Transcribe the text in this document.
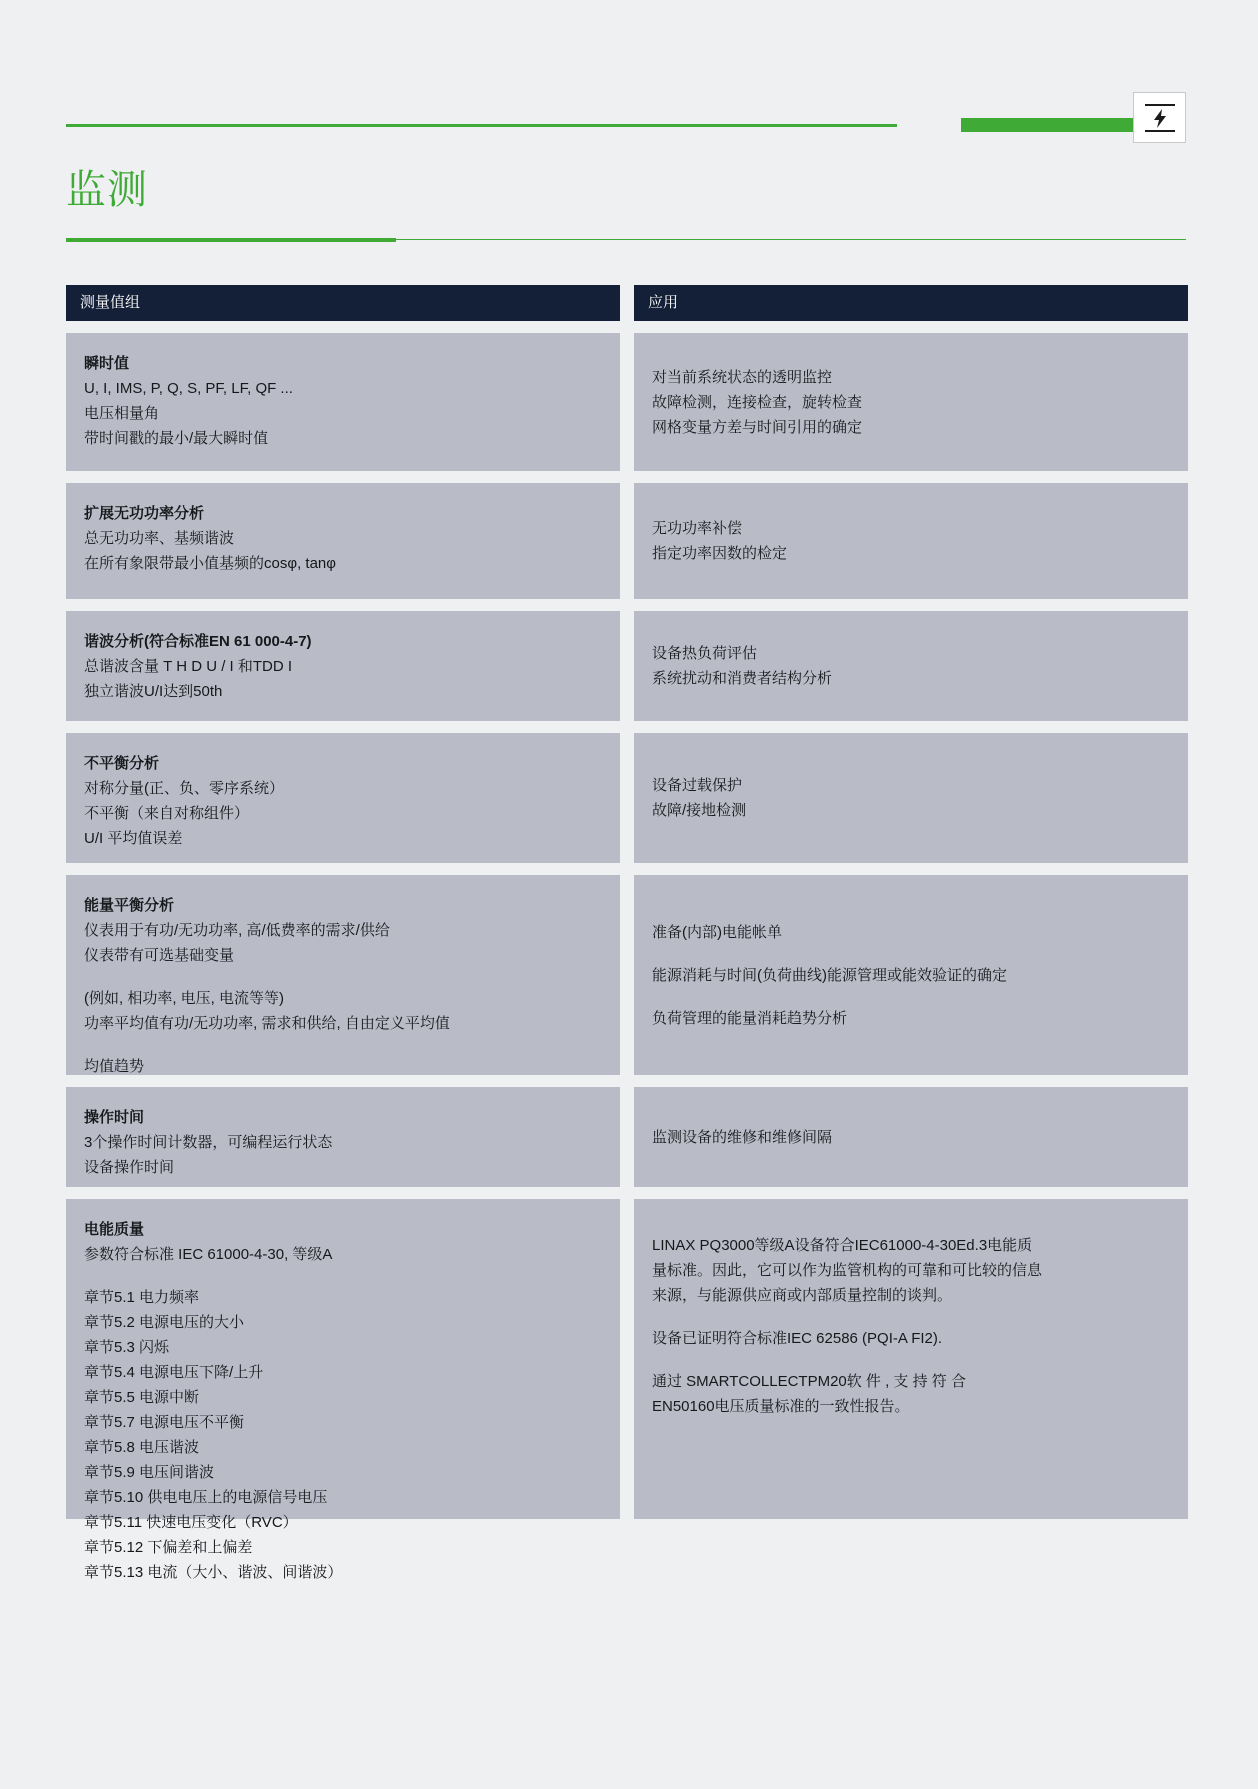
监测
测量值组
瞬时值
U, I, IMS, P, Q, S, PF, LF, QF ...
电压相量角
带时间戳的最小/最大瞬时值
扩展无功功率分析
总无功功率、基频谐波
在所有象限带最小值基频的cosφ, tanφ
谐波分析(符合标准EN 61 000-4-7)
总谐波含量 T H D U / I 和TDD I
独立谐波U/I达到50th
不平衡分析
对称分量(正、负、零序系统）
不平衡（来自对称组件）
U/I 平均值误差
能量平衡分析
仪表用于有功/无功功率, 高/低费率的需求/供给
仪表带有可选基础变量
(例如, 相功率, 电压, 电流等等)
功率平均值有功/无功功率, 需求和供给, 自由定义平均值
均值趋势
操作时间
3个操作时间计数器，可编程运行状态
设备操作时间
电能质量
参数符合标准 IEC 61000-4-30, 等级A
章节5.1 电力频率
章节5.2 电源电压的大小
章节5.3 闪烁
章节5.4 电源电压下降/上升
章节5.5 电源中断
章节5.7 电源电压不平衡
章节5.8 电压谐波
章节5.9 电压间谐波
章节5.10 供电电压上的电源信号电压
章节5.11 快速电压变化（RVC）
章节5.12 下偏差和上偏差
章节5.13 电流（大小、谐波、间谐波）
应用
对当前系统状态的透明监控
故障检测，连接检查，旋转检查
网格变量方差与时间引用的确定
无功功率补偿
指定功率因数的检定
设备热负荷评估
系统扰动和消费者结构分析
设备过载保护
故障/接地检测
准备(内部)电能帐单
能源消耗与时间(负荷曲线)能源管理或能效验证的确定
负荷管理的能量消耗趋势分析
监测设备的维修和维修间隔
LINAX PQ3000等级A设备符合IEC61000-4-30Ed.3电能质
量标准。因此，它可以作为监管机构的可靠和可比较的信息
来源，与能源供应商或内部质量控制的谈判。
设备已证明符合标准IEC 62586 (PQI-A FI2).
通过 SMARTCOLLECTPM20软 件 , 支 持 符 合
EN50160电压质量标准的一致性报告。
